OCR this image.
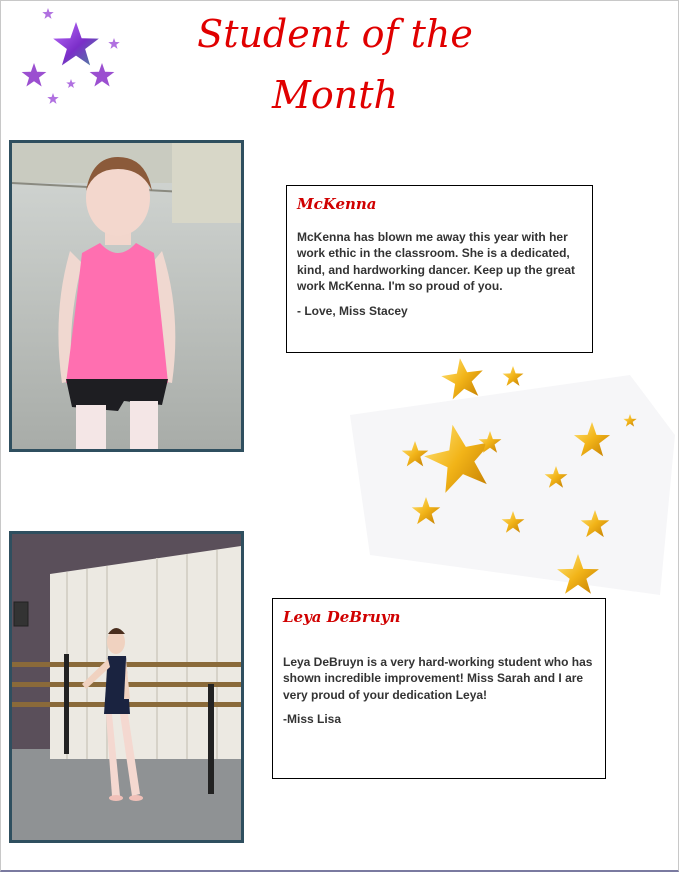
Student of the
Month
McKenna

McKenna has blown me away this year with her work ethic in the classroom. She is a dedicated, kind, and hardworking dancer. Keep up the great work McKenna. I'm so proud of you.

- Love, Miss Stacey

Leya DeBruyn

Leya DeBruyn is a very hard-working student who has shown incredible improvement! Miss Sarah and I are very proud of your dedication Leya!

-Miss Lisa
